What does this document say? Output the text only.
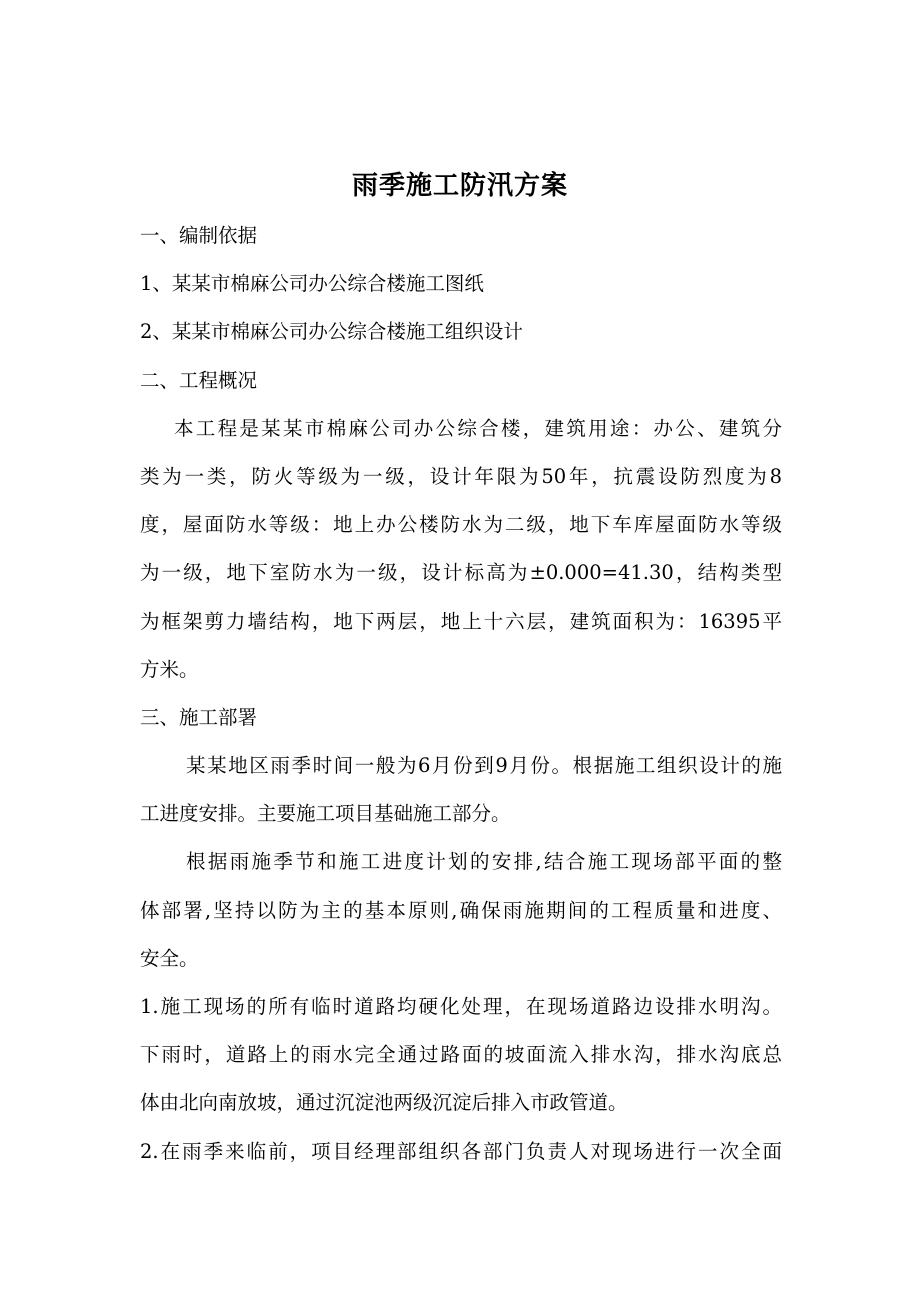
雨季施工防汛方案
一、编制依据
1、某某市棉麻公司办公综合楼施工图纸
2、某某市棉麻公司办公综合楼施工组织设计
二、工程概况
本工程是某某市棉麻公司办公综合楼，建筑用途：办公、建筑分
类为一类，防火等级为一级，设计年限为50年，抗震设防烈度为8
度，屋面防水等级：地上办公楼防水为二级，地下车库屋面防水等级
为一级，地下室防水为一级，设计标高为±0.000=41.30，结构类型
为框架剪力墙结构，地下两层，地上十六层，建筑面积为：16395平
方米。
三、施工部署
某某地区雨季时间一般为6月份到9月份。根据施工组织设计的施
工进度安排。主要施工项目基础施工部分。
根据雨施季节和施工进度计划的安排,结合施工现场部平面的整
体部署,坚持以防为主的基本原则,确保雨施期间的工程质量和进度、
安全。
1.施工现场的所有临时道路均硬化处理，在现场道路边设排水明沟。
下雨时，道路上的雨水完全通过路面的坡面流入排水沟，排水沟底总
体由北向南放坡，通过沉淀池两级沉淀后排入市政管道。
2.在雨季来临前，项目经理部组织各部门负责人对现场进行一次全面
